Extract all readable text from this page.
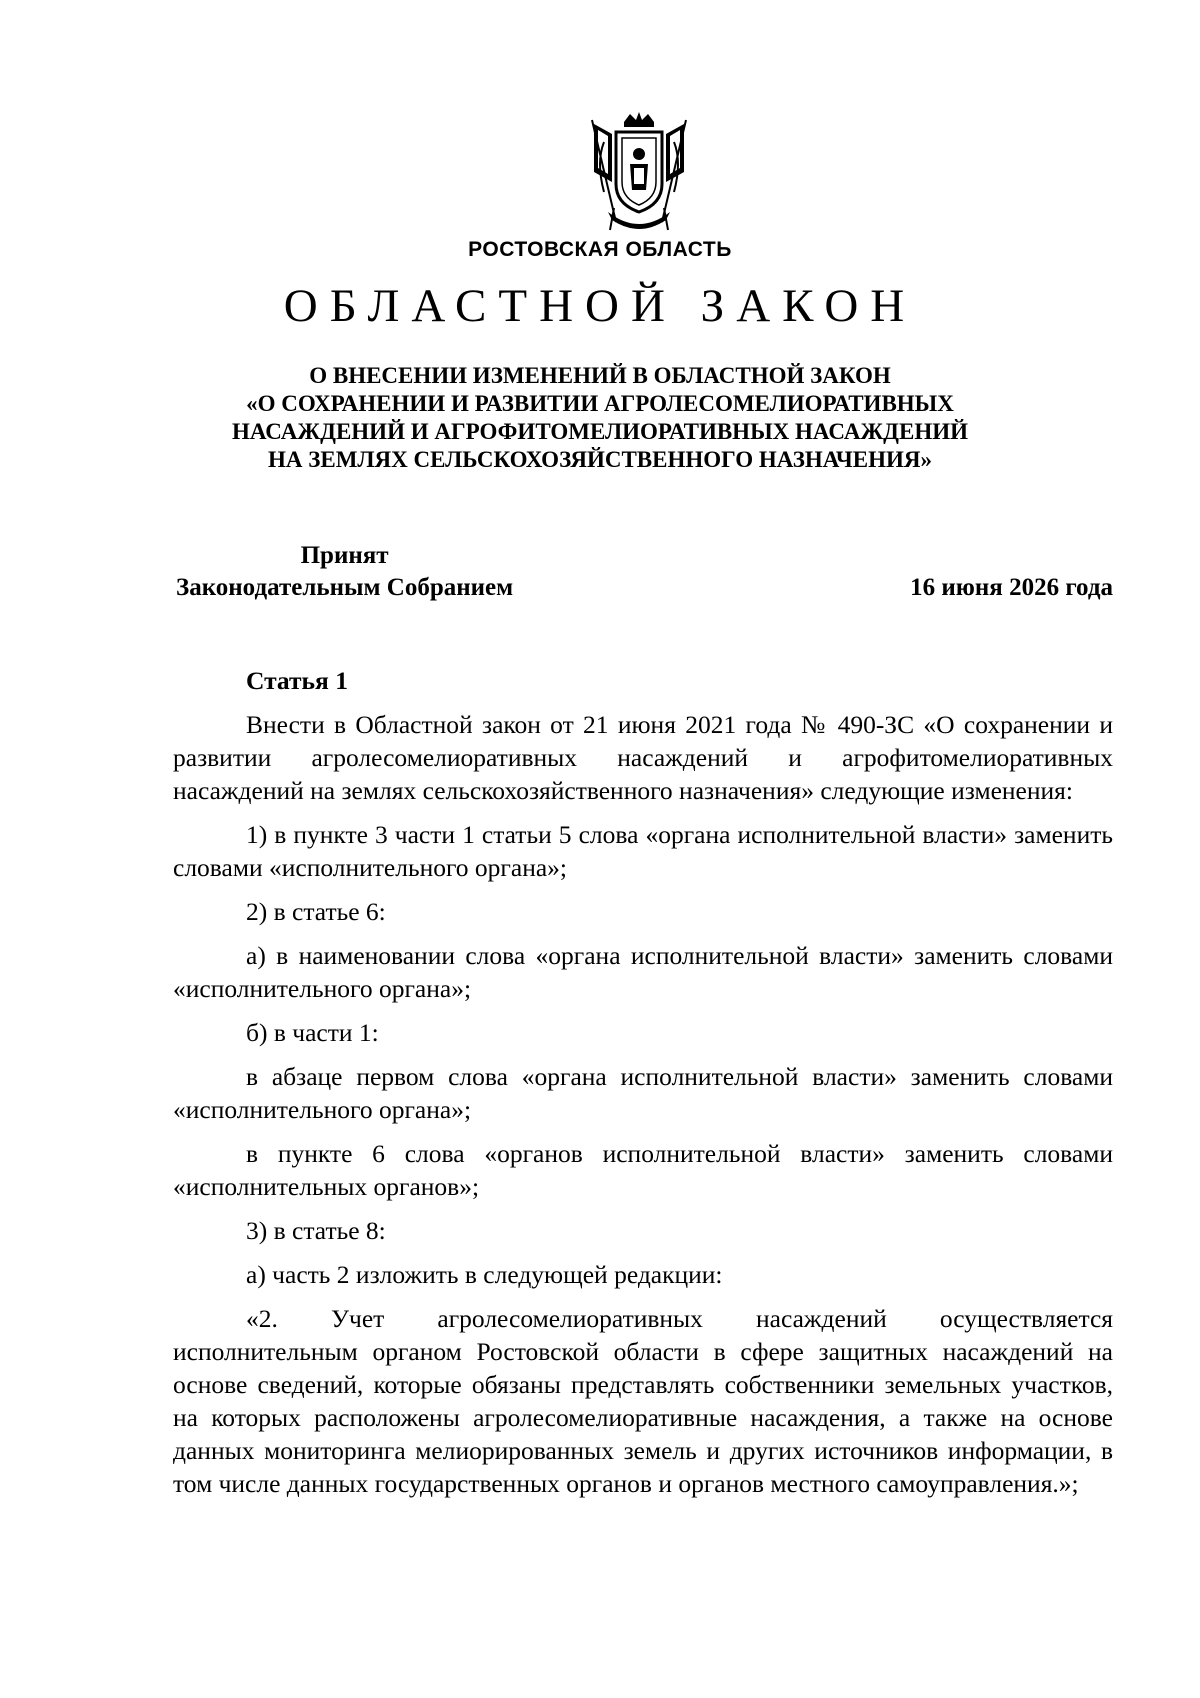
РОСТОВСКАЯ ОБЛАСТЬ
ОБЛАСТНОЙ ЗАКОН
О ВНЕСЕНИИ ИЗМЕНЕНИЙ В ОБЛАСТНОЙ ЗАКОН
«О СОХРАНЕНИИ И РАЗВИТИИ АГРОЛЕСОМЕЛИОРАТИВНЫХ
НАСАЖДЕНИЙ И АГРОФИТОМЕЛИОРАТИВНЫХ НАСАЖДЕНИЙ
НА ЗЕМЛЯХ СЕЛЬСКОХОЗЯЙСТВЕННОГО НАЗНАЧЕНИЯ»
Принят
Законодательным Собранием	16 июня 2026 года
Статья 1
Внести в Областной закон от 21 июня 2021 года № 490-ЗС «О сохранении и развитии агролесомелиоративных насаждений и агрофитомелиоративных насаждений на землях сельскохозяйственного назначения» следующие изменения:
1) в пункте 3 части 1 статьи 5 слова «органа исполнительной власти» заменить словами «исполнительного органа»;
2) в статье 6:
а) в наименовании слова «органа исполнительной власти» заменить словами «исполнительного органа»;
б) в части 1:
в абзаце первом слова «органа исполнительной власти» заменить словами «исполнительного органа»;
в пункте 6 слова «органов исполнительной власти» заменить словами «исполнительных органов»;
3) в статье 8:
а) часть 2 изложить в следующей редакции:
«2. Учет агролесомелиоративных насаждений осуществляется исполнительным органом Ростовской области в сфере защитных насаждений на основе сведений, которые обязаны представлять собственники земельных участков, на которых расположены агролесомелиоративные насаждения, а также на основе данных мониторинга мелиорированных земель и других источников информации, в том числе данных государственных органов и органов местного самоуправления.»;
